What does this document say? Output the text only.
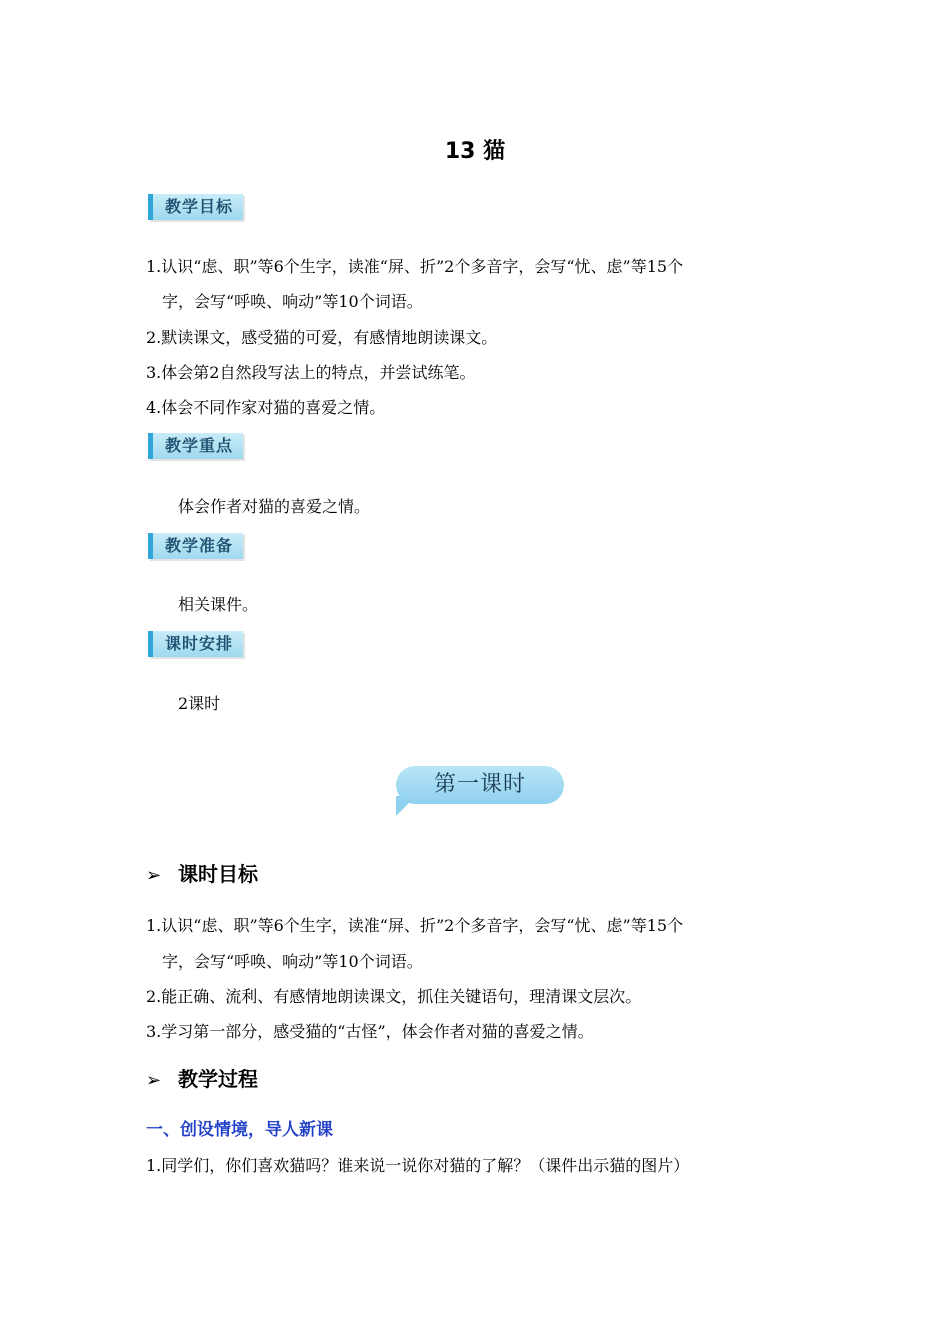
13 猫
教学目标
1.认识“虑、职”等6个生字，读准“屏、折”2个多音字，会写“忧、虑”等15个
字，会写“呼唤、响动”等10个词语。
2.默读课文，感受猫的可爱，有感情地朗读课文。
3.体会第2自然段写法上的特点，并尝试练笔。
4.体会不同作家对猫的喜爱之情。
教学重点
体会作者对猫的喜爱之情。
教学准备
相关课件。
课时安排
2课时
第一课时
➢ 课时目标
1.认识“虑、职”等6个生字，读准“屏、折”2个多音字，会写“忧、虑”等15个
字，会写“呼唤、响动”等10个词语。
2.能正确、流利、有感情地朗读课文，抓住关键语句，理清课文层次。
3.学习第一部分，感受猫的“古怪”，体会作者对猫的喜爱之情。
➢ 教学过程
一、创设情境，导人新课
1.同学们，你们喜欢猫吗？谁来说一说你对猫的了解？（课件出示猫的图片）
